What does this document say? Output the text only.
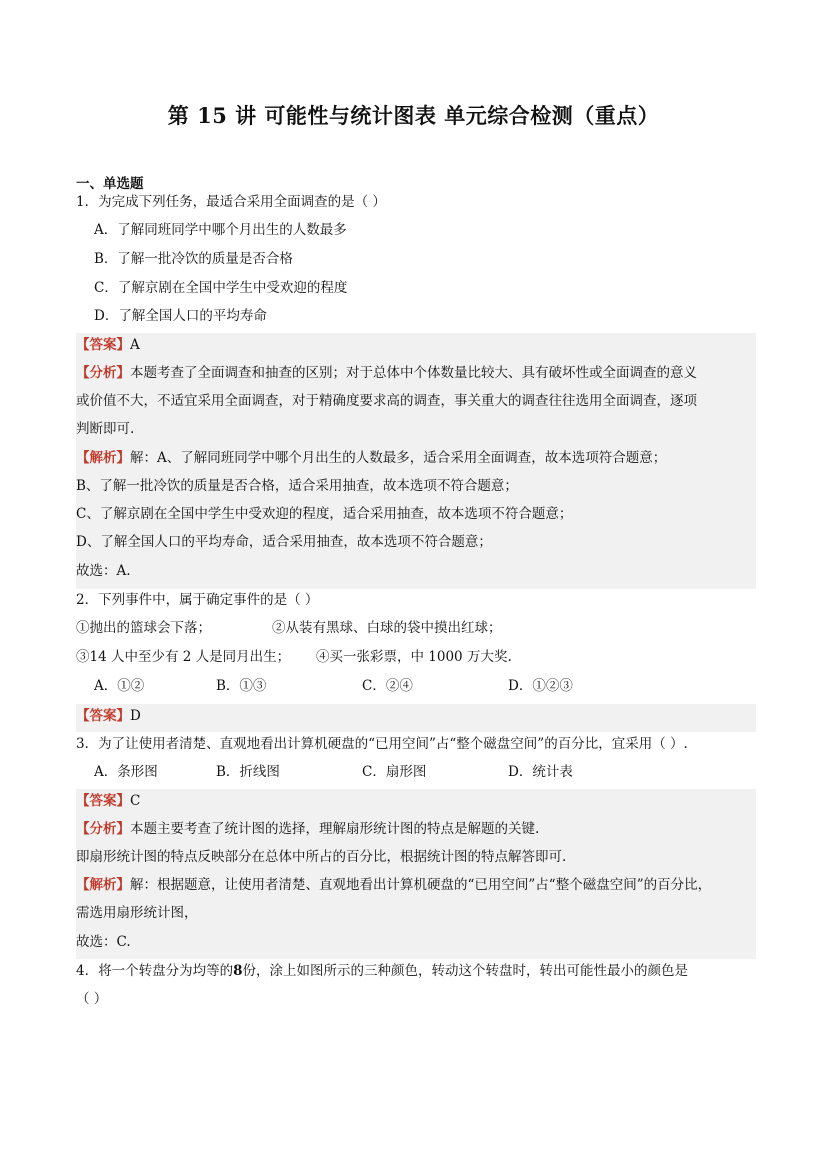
第 15 讲 可能性与统计图表 单元综合检测（重点）
一、单选题
1．为完成下列任务，最适合采用全面调查的是（ ）
A．了解同班同学中哪个月出生的人数最多
B．了解一批冷饮的质量是否合格
C．了解京剧在全国中学生中受欢迎的程度
D．了解全国人口的平均寿命
【答案】A
【分析】本题考查了全面调查和抽查的区别；对于总体中个体数量比较大、具有破坏性或全面调查的意义
或价值不大，不适宜采用全面调查，对于精确度要求高的调查，事关重大的调查往往选用全面调查，逐项
判断即可.
【解析】解：A、了解同班同学中哪个月出生的人数最多，适合采用全面调查，故本选项符合题意；
B、了解一批冷饮的质量是否合格，适合采用抽查，故本选项不符合题意；
C、了解京剧在全国中学生中受欢迎的程度，适合采用抽查，故本选项不符合题意；
D、了解全国人口的平均寿命，适合采用抽查，故本选项不符合题意；
故选：A.
2．下列事件中，属于确定事件的是（ ）
①抛出的篮球会下落；	②从装有黑球、白球的袋中摸出红球；
③14 人中至少有 2 人是同月出生； ④买一张彩票，中 1000 万大奖.
A．①②	B．①③	C．②④	D．①②③
【答案】D
3．为了让使用者清楚、直观地看出计算机硬盘的“已用空间”占“整个磁盘空间”的百分比，宜采用（ ）.
A．条形图	B．折线图	C．扇形图	D．统计表
【答案】C
【分析】本题主要考查了统计图的选择，理解扇形统计图的特点是解题的关键.
即扇形统计图的特点反映部分在总体中所占的百分比，根据统计图的特点解答即可.
【解析】解：根据题意，让使用者清楚、直观地看出计算机硬盘的“已用空间”占“整个磁盘空间”的百分比，
需选用扇形统计图，
故选：C.
4．将一个转盘分为均等的8份，涂上如图所示的三种颜色，转动这个转盘时，转出可能性最小的颜色是
（ ）
